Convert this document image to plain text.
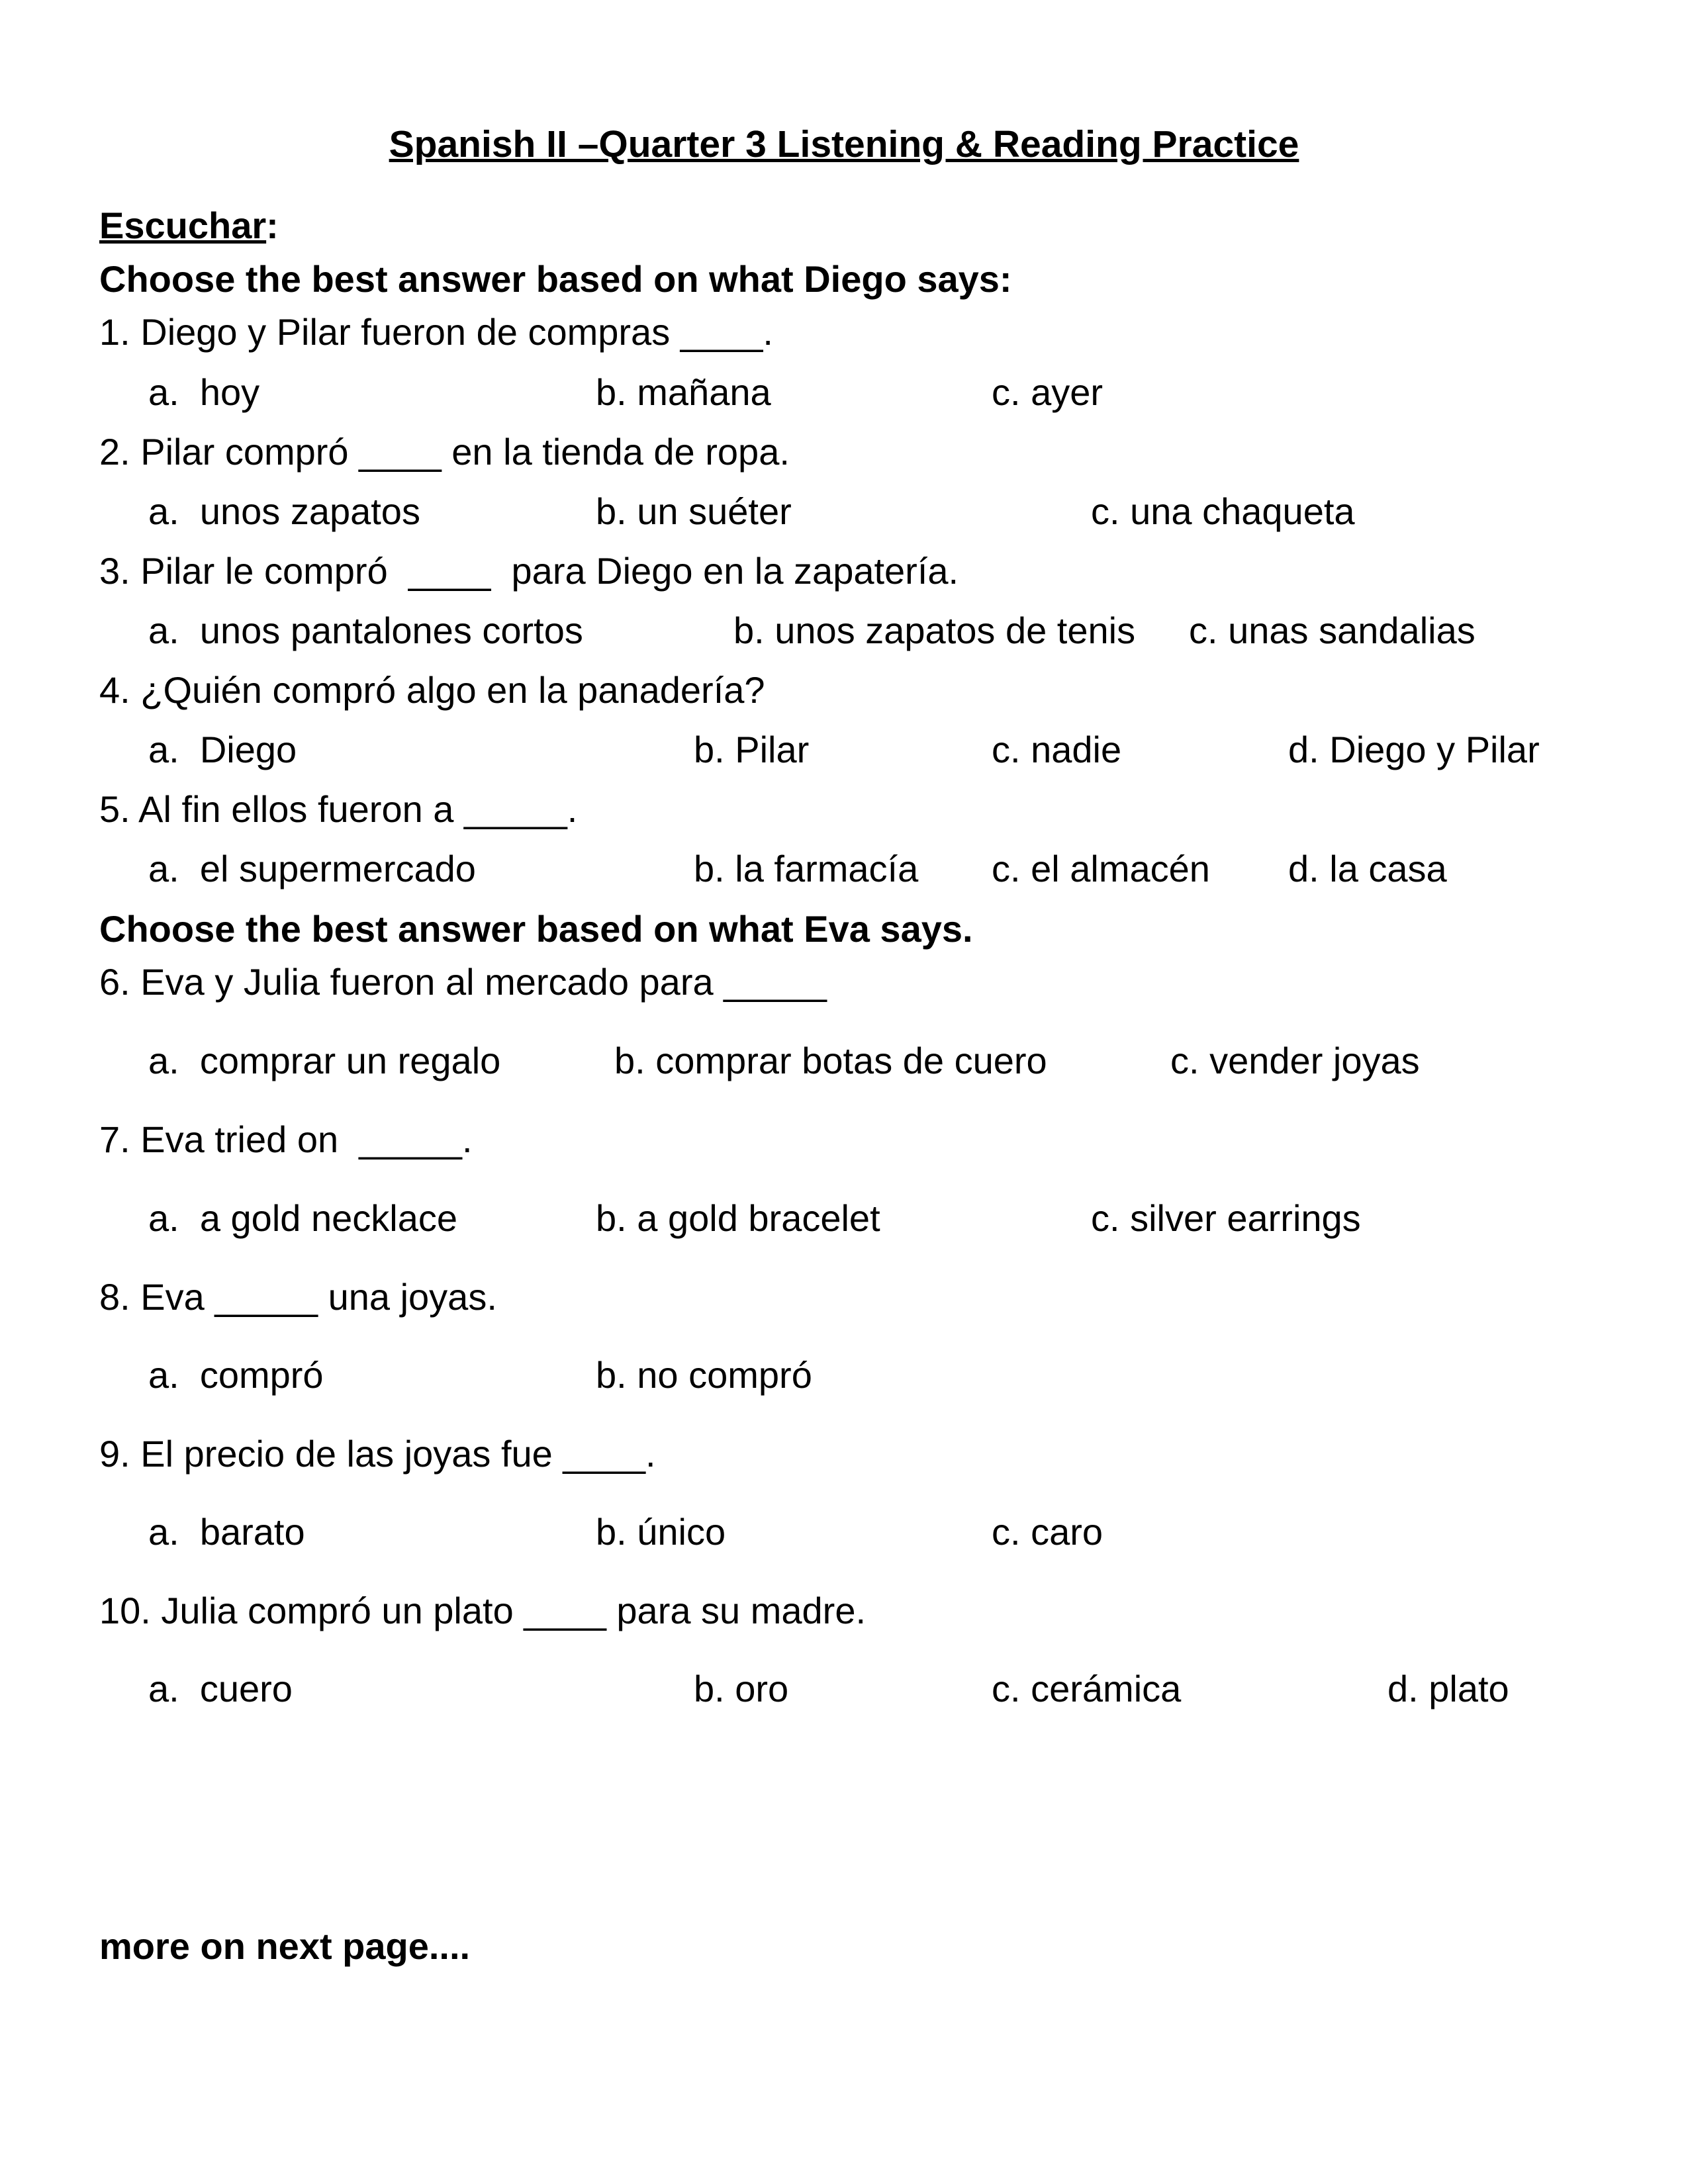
Spanish II –Quarter 3 Listening & Reading Practice
Escuchar:
Choose the best answer based on what Diego says:
1. Diego y Pilar fueron de compras ____.
a.  hoy	b. mañana	c. ayer
2. Pilar compró ____ en la tienda de ropa.
a.  unos zapatos	b. un suéter	c. una chaqueta
3. Pilar le compró  ____  para Diego en la zapatería.
a.  unos pantalones cortos	b. unos zapatos de tenis c. unas sandalias
4. ¿Quién compró algo en la panadería?
a.  Diego	b. Pilar	c. nadie	d. Diego y Pilar
5. Al fin ellos fueron a _____.
a.  el supermercado	b. la farmacía c. el almacén d. la casa
Choose the best answer based on what Eva says.
6. Eva y Julia fueron al mercado para _____
a.  comprar un regalo	b. comprar botas de cuero	c. vender joyas
7. Eva tried on  _____.
a.  a gold necklace	b. a gold bracelet	c. silver earrings
8. Eva _____ una joyas.
a.  compró	b. no compró
9. El precio de las joyas fue ____.
a.  barato	b. único	c. caro
10. Julia compró un plato ____ para su madre.
a.  cuero	b. oro	c. cerámica	d. plato
more on next page....
